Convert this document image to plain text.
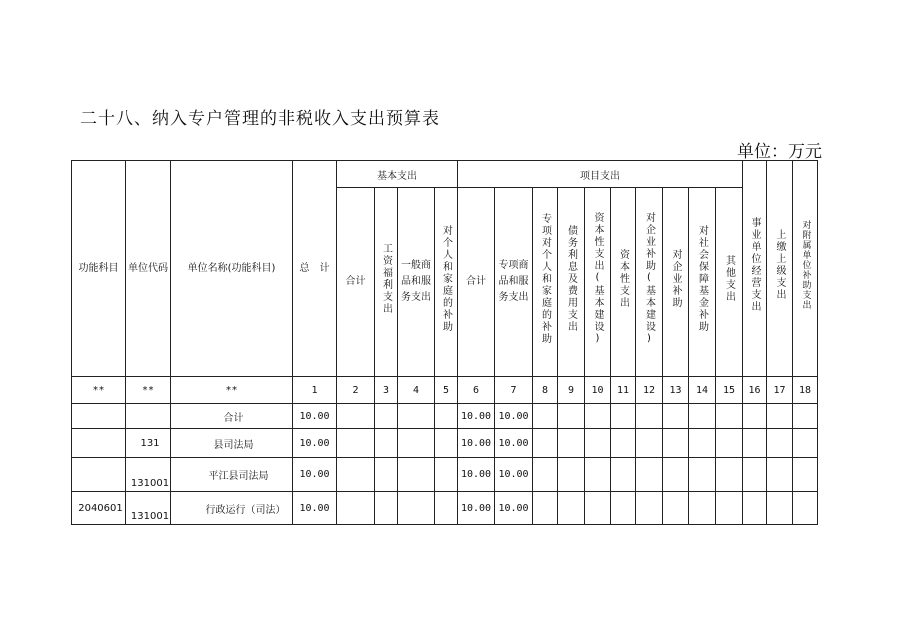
二十八、纳入专户管理的非税收入支出预算表
单位：万元
功能科目	单位代码	单位名称(功能科目)	总　计	基本支出				项目支出										事业单位经营支出	上缴上级支出	对附属单位补助支出
				合计	工资福利支出	一般商品和服务支出	对个人和家庭的补助	合计	专项商品和服务支出	专项对个人和家庭的补助	债务利息及费用支出	资本性支出(基本建设)	资本性支出	对企业补助(基本建设)	对企业补助	对社会保障基金补助	其他支出			
**	**	**	1	2	3	4	5	6	7	8	9	10	11	12	13	14	15	16	17	18
		合计	10.00					10.00	10.00											
	131	县司法局	10.00					10.00	10.00											
	131001	平江县司法局	10.00					10.00	10.00											
2040601	131001	行政运行（司法）	10.00					10.00	10.00											
